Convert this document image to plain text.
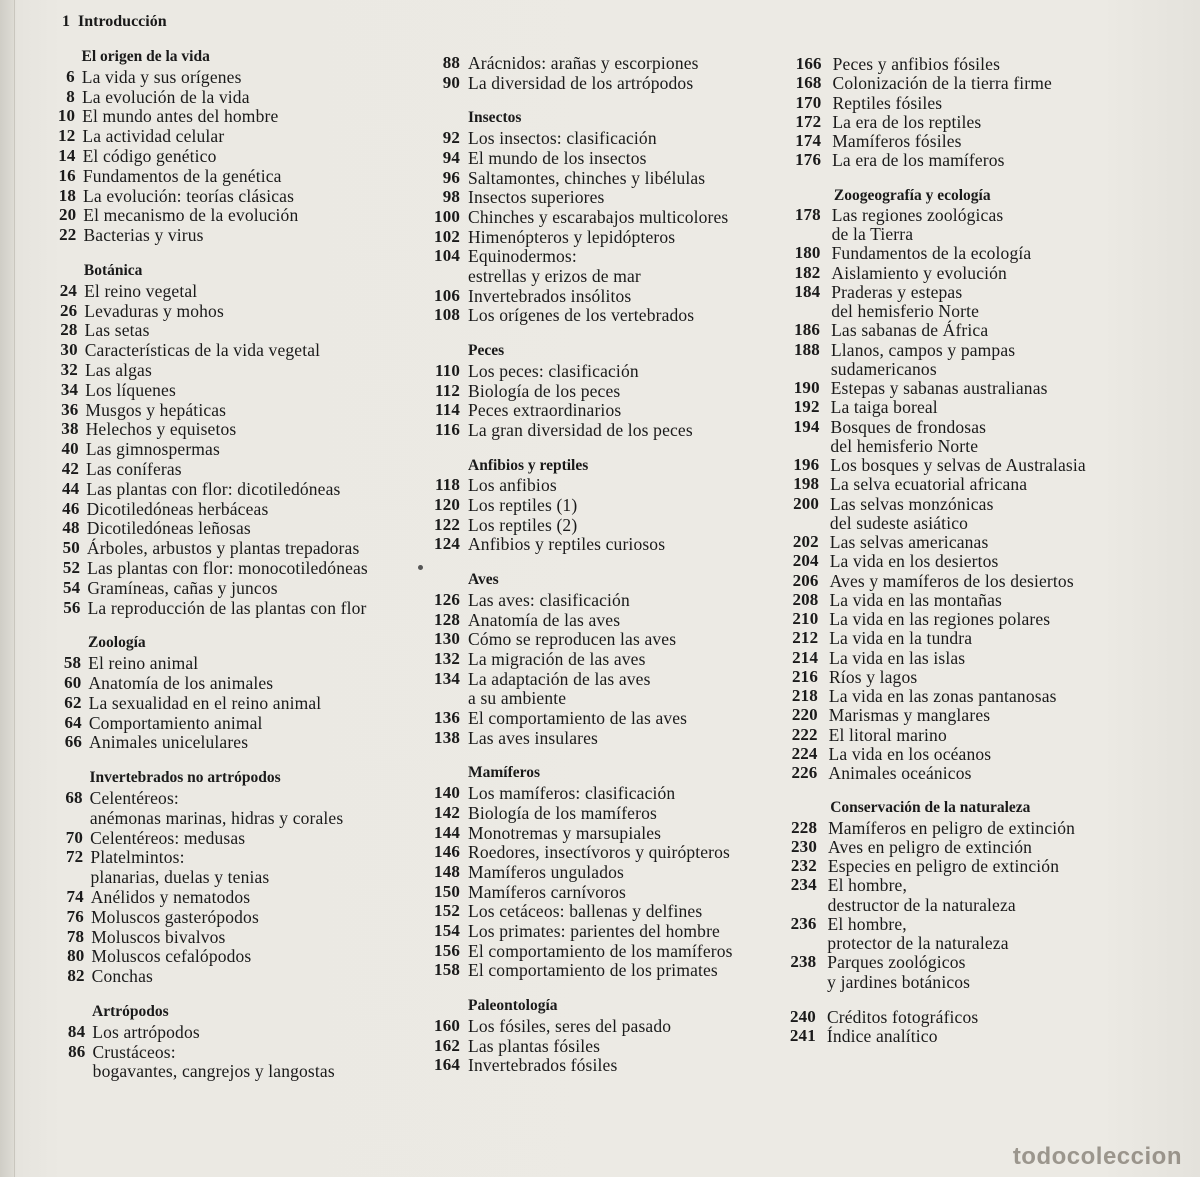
1 Introducción
El origen de la vida
6 La vida y sus orígenes
8 La evolución de la vida
10 El mundo antes del hombre
12 La actividad celular
14 El código genético
16 Fundamentos de la genética
18 La evolución: teorías clásicas
20 El mecanismo de la evolución
22 Bacterias y virus
Botánica
24 El reino vegetal
26 Levaduras y mohos
28 Las setas
30 Características de la vida vegetal
32 Las algas
34 Los líquenes
36 Musgos y hepáticas
38 Helechos y equisetos
40 Las gimnospermas
42 Las coníferas
44 Las plantas con flor: dicotiledóneas
46 Dicotiledóneas herbáceas
48 Dicotiledóneas leñosas
50 Árboles, arbustos y plantas trepadoras
52 Las plantas con flor: monocotiledóneas
54 Gramíneas, cañas y juncos
56 La reproducción de las plantas con flor
Zoología
58 El reino animal
60 Anatomía de los animales
62 La sexualidad en el reino animal
64 Comportamiento animal
66 Animales unicelulares
Invertebrados no artrópodos
68 Celentéreos:
anémonas marinas, hidras y corales
70 Celentéreos: medusas
72 Platelmintos:
planarias, duelas y tenias
74 Anélidos y nematodos
76 Moluscos gasterópodos
78 Moluscos bivalvos
80 Moluscos cefalópodos
82 Conchas
Artrópodos
84 Los artrópodos
86 Crustáceos:
bogavantes, cangrejos y langostas
88 Arácnidos: arañas y escorpiones
90 La diversidad de los artrópodos
Insectos
92 Los insectos: clasificación
94 El mundo de los insectos
96 Saltamontes, chinches y libélulas
98 Insectos superiores
100 Chinches y escarabajos multicolores
102 Himenópteros y lepidópteros
104 Equinodermos:
estrellas y erizos de mar
106 Invertebrados insólitos
108 Los orígenes de los vertebrados
Peces
110 Los peces: clasificación
112 Biología de los peces
114 Peces extraordinarios
116 La gran diversidad de los peces
Anfibios y reptiles
118 Los anfibios
120 Los reptiles (1)
122 Los reptiles (2)
124 Anfibios y reptiles curiosos
Aves
126 Las aves: clasificación
128 Anatomía de las aves
130 Cómo se reproducen las aves
132 La migración de las aves
134 La adaptación de las aves
a su ambiente
136 El comportamiento de las aves
138 Las aves insulares
Mamíferos
140 Los mamíferos: clasificación
142 Biología de los mamíferos
144 Monotremas y marsupiales
146 Roedores, insectívoros y quirópteros
148 Mamíferos ungulados
150 Mamíferos carnívoros
152 Los cetáceos: ballenas y delfines
154 Los primates: parientes del hombre
156 El comportamiento de los mamíferos
158 El comportamiento de los primates
Paleontología
160 Los fósiles, seres del pasado
162 Las plantas fósiles
164 Invertebrados fósiles
166 Peces y anfibios fósiles
168 Colonización de la tierra firme
170 Reptiles fósiles
172 La era de los reptiles
174 Mamíferos fósiles
176 La era de los mamíferos
Zoogeografía y ecología
178 Las regiones zoológicas
de la Tierra
180 Fundamentos de la ecología
182 Aislamiento y evolución
184 Praderas y estepas
del hemisferio Norte
186 Las sabanas de África
188 Llanos, campos y pampas
sudamericanos
190 Estepas y sabanas australianas
192 La taiga boreal
194 Bosques de frondosas
del hemisferio Norte
196 Los bosques y selvas de Australasia
198 La selva ecuatorial africana
200 Las selvas monzónicas
del sudeste asiático
202 Las selvas americanas
204 La vida en los desiertos
206 Aves y mamíferos de los desiertos
208 La vida en las montañas
210 La vida en las regiones polares
212 La vida en la tundra
214 La vida en las islas
216 Ríos y lagos
218 La vida en las zonas pantanosas
220 Marismas y manglares
222 El litoral marino
224 La vida en los océanos
226 Animales oceánicos
Conservación de la naturaleza
228 Mamíferos en peligro de extinción
230 Aves en peligro de extinción
232 Especies en peligro de extinción
234 El hombre,
destructor de la naturaleza
236 El hombre,
protector de la naturaleza
238 Parques zoológicos
y jardines botánicos
240 Créditos fotográficos
241 Índice analítico
todocoleccion
